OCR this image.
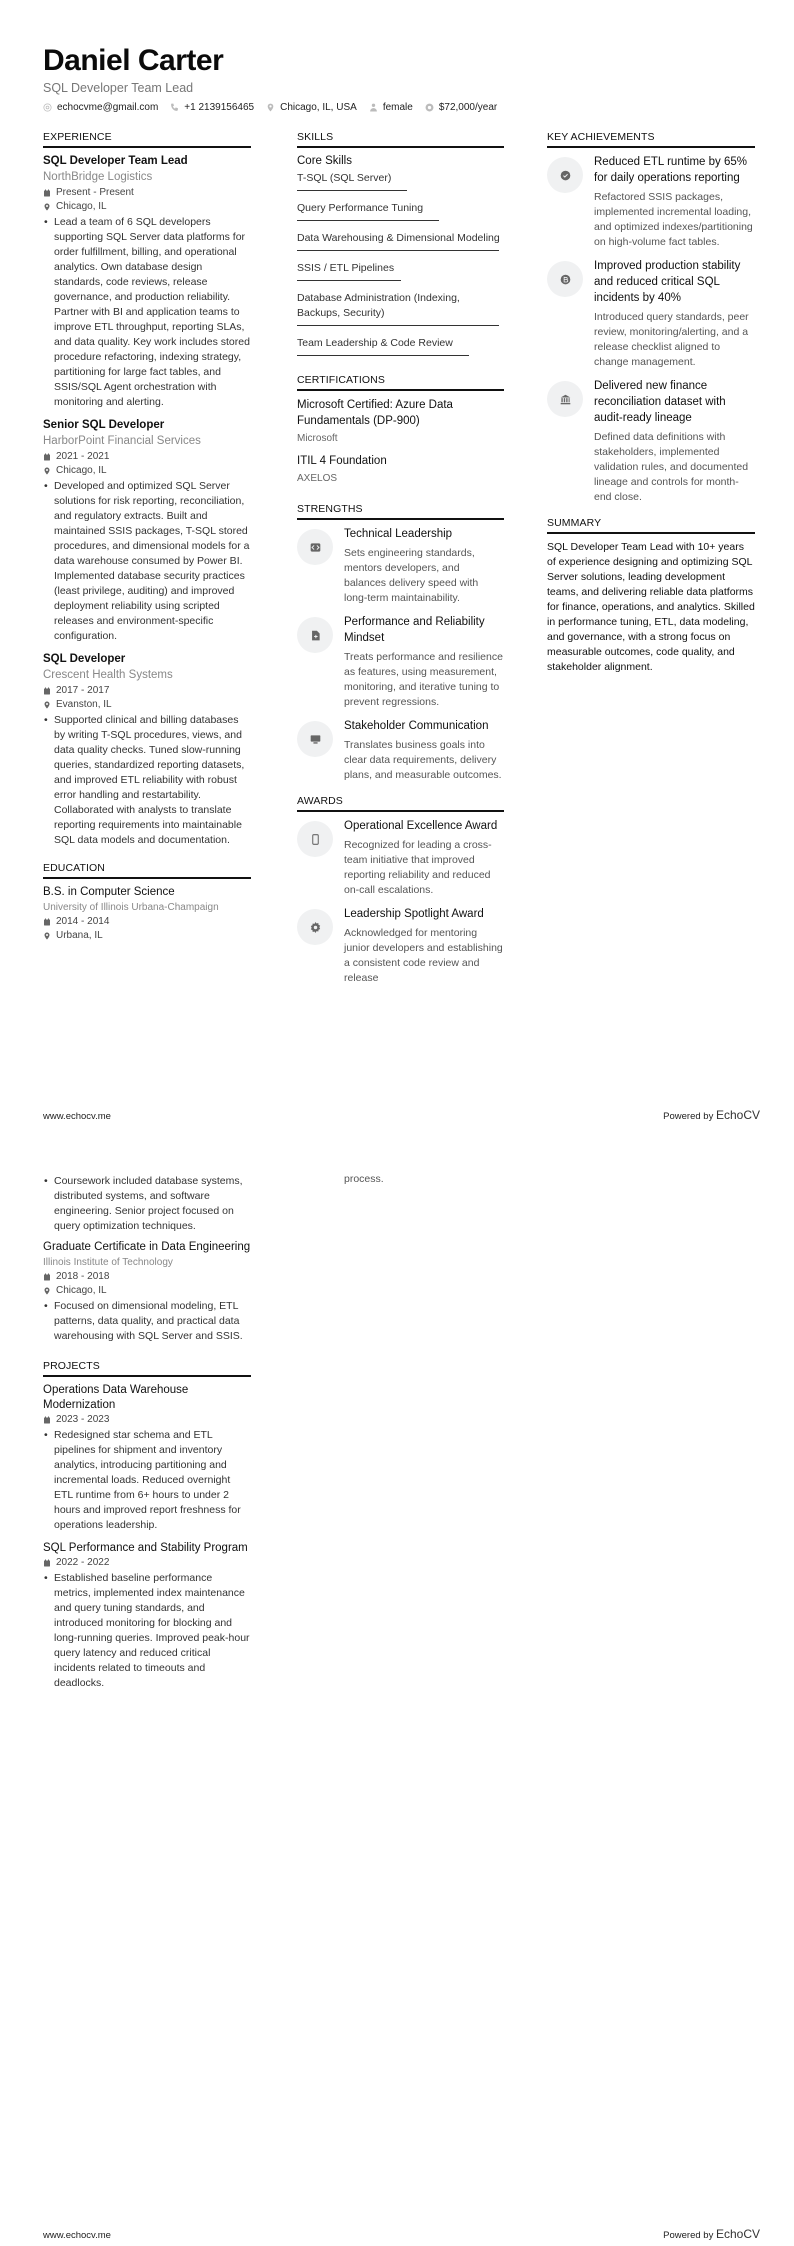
Daniel Carter
SQL Developer Team Lead
echocvme@gmail.com	+1 2139156465	Chicago, IL, USA	female	$72,000/year
EXPERIENCE
SQL Developer Team Lead
NorthBridge Logistics
Present - Present
Chicago, IL
• Lead a team of 6 SQL developers supporting SQL Server data platforms for order fulfillment, billing, and operational analytics. Own database design standards, code reviews, release governance, and production reliability. Partner with BI and application teams to improve ETL throughput, reporting SLAs, and data quality. Key work includes stored procedure refactoring, indexing strategy, partitioning for large fact tables, and SSIS/SQL Agent orchestration with monitoring and alerting.
Senior SQL Developer
HarborPoint Financial Services
2021 - 2021
Chicago, IL
• Developed and optimized SQL Server solutions for risk reporting, reconciliation, and regulatory extracts. Built and maintained SSIS packages, T-SQL stored procedures, and dimensional models for a data warehouse consumed by Power BI. Implemented database security practices (least privilege, auditing) and improved deployment reliability using scripted releases and environment-specific configuration.
SQL Developer
Crescent Health Systems
2017 - 2017
Evanston, IL
• Supported clinical and billing databases by writing T-SQL procedures, views, and data quality checks. Tuned slow-running queries, standardized reporting datasets, and improved ETL reliability with robust error handling and restartability. Collaborated with analysts to translate reporting requirements into maintainable SQL data models and documentation.
EDUCATION
B.S. in Computer Science
University of Illinois Urbana-Champaign
2014 - 2014
Urbana, IL
SKILLS
Core Skills
T-SQL (SQL Server)
Query Performance Tuning
Data Warehousing & Dimensional Modeling
SSIS / ETL Pipelines
Database Administration (Indexing, Backups, Security)
Team Leadership & Code Review
CERTIFICATIONS
Microsoft Certified: Azure Data Fundamentals (DP-900)
Microsoft
ITIL 4 Foundation
AXELOS
STRENGTHS
Technical Leadership
Sets engineering standards, mentors developers, and balances delivery speed with long-term maintainability.
Performance and Reliability Mindset
Treats performance and resilience as features, using measurement, monitoring, and iterative tuning to prevent regressions.
Stakeholder Communication
Translates business goals into clear data requirements, delivery plans, and measurable outcomes.
AWARDS
Operational Excellence Award
Recognized for leading a cross-team initiative that improved reporting reliability and reduced on-call escalations.
Leadership Spotlight Award
Acknowledged for mentoring junior developers and establishing a consistent code review and release
KEY ACHIEVEMENTS
Reduced ETL runtime by 65% for daily operations reporting
Refactored SSIS packages, implemented incremental loading, and optimized indexes/partitioning on high-volume fact tables.
Improved production stability and reduced critical SQL incidents by 40%
Introduced query standards, peer review, monitoring/alerting, and a release checklist aligned to change management.
Delivered new finance reconciliation dataset with audit-ready lineage
Defined data definitions with stakeholders, implemented validation rules, and documented lineage and controls for month-end close.
SUMMARY
SQL Developer Team Lead with 10+ years of experience designing and optimizing SQL Server solutions, leading development teams, and delivering reliable data platforms for finance, operations, and analytics. Skilled in performance tuning, ETL, data modeling, and governance, with a strong focus on measurable outcomes, code quality, and stakeholder alignment.
www.echocv.me	Powered by EchoCV
• Coursework included database systems, distributed systems, and software engineering. Senior project focused on query optimization techniques.
Graduate Certificate in Data Engineering
Illinois Institute of Technology
2018 - 2018
Chicago, IL
• Focused on dimensional modeling, ETL patterns, data quality, and practical data warehousing with SQL Server and SSIS.
PROJECTS
Operations Data Warehouse Modernization
2023 - 2023
• Redesigned star schema and ETL pipelines for shipment and inventory analytics, introducing partitioning and incremental loads. Reduced overnight ETL runtime from 6+ hours to under 2 hours and improved report freshness for operations leadership.
SQL Performance and Stability Program
2022 - 2022
• Established baseline performance metrics, implemented index maintenance and query tuning standards, and introduced monitoring for blocking and long-running queries. Improved peak-hour query latency and reduced critical incidents related to timeouts and deadlocks.
process.
www.echocv.me	Powered by EchoCV
